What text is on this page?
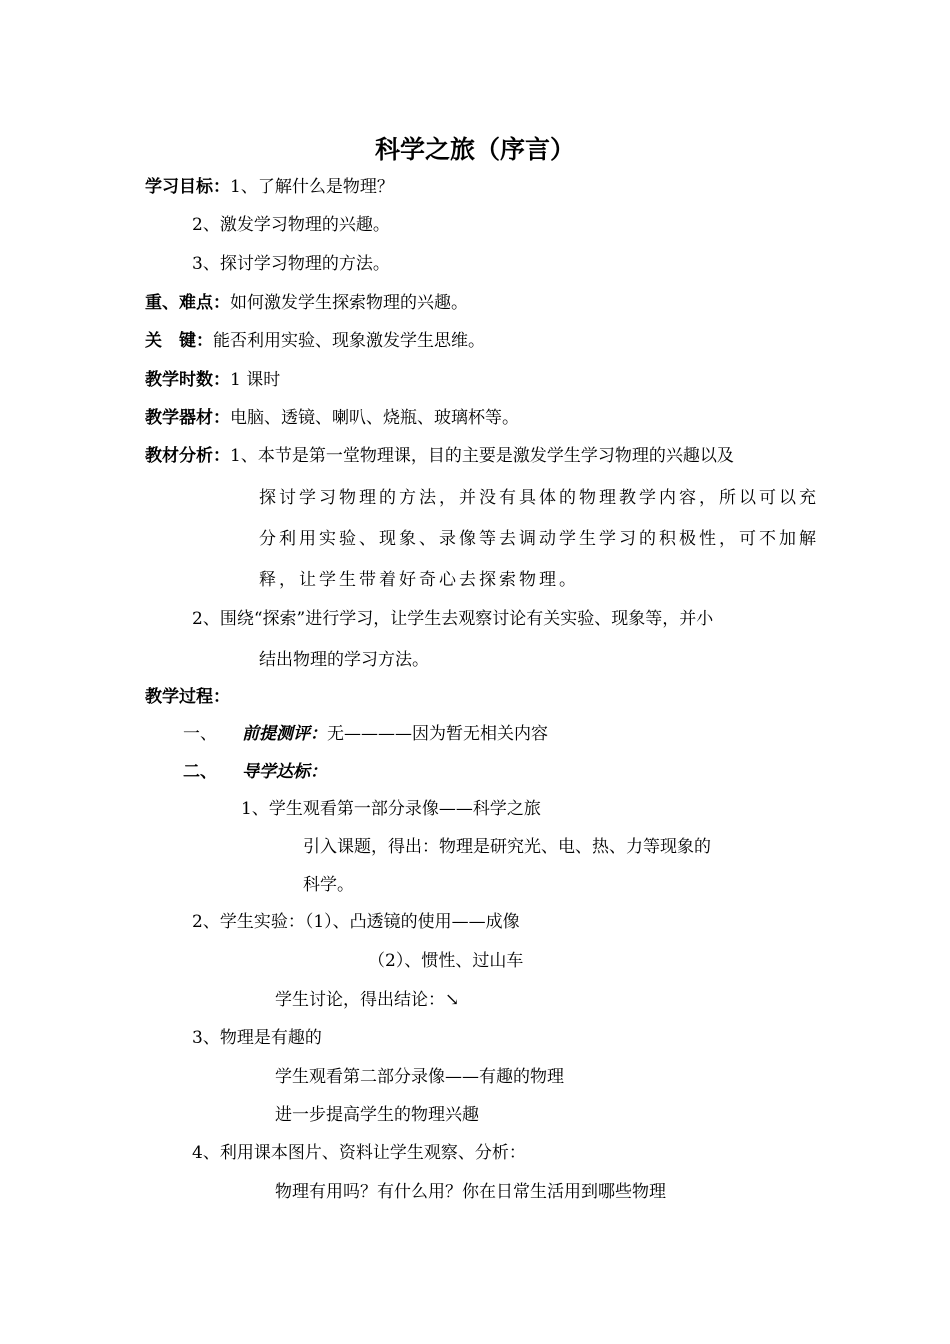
科学之旅（序言）
学习目标：1、了解什么是物理？
2、激发学习物理的兴趣。
3、探讨学习物理的方法。
重、难点：如何激发学生探索物理的兴趣。
关　键：能否利用实验、现象激发学生思维。
教学时数：1 课时
教学器材：电脑、透镜、喇叭、烧瓶、玻璃杯等。
教材分析：1、本节是第一堂物理课，目的主要是激发学生学习物理的兴趣以及
探讨学习物理的方法，并没有具体的物理教学内容，所以可以充
分利用实验、现象、录像等去调动学生学习的积极性，可不加解
释，让学生带着好奇心去探索物理。
2、围绕“探索”进行学习，让学生去观察讨论有关实验、现象等，并小
结出物理的学习方法。
教学过程：
一、 前提测评：无————因为暂无相关内容
二、 导学达标：
1、学生观看第一部分录像——科学之旅
引入课题，得出：物理是研究光、电、热、力等现象的
科学。
2、学生实验：（1）、凸透镜的使用——成像
（2）、惯性、过山车
学生讨论，得出结论：↘
3、物理是有趣的
学生观看第二部分录像——有趣的物理
进一步提高学生的物理兴趣
4、利用课本图片、资料让学生观察、分析：
物理有用吗？有什么用？你在日常生活用到哪些物理
